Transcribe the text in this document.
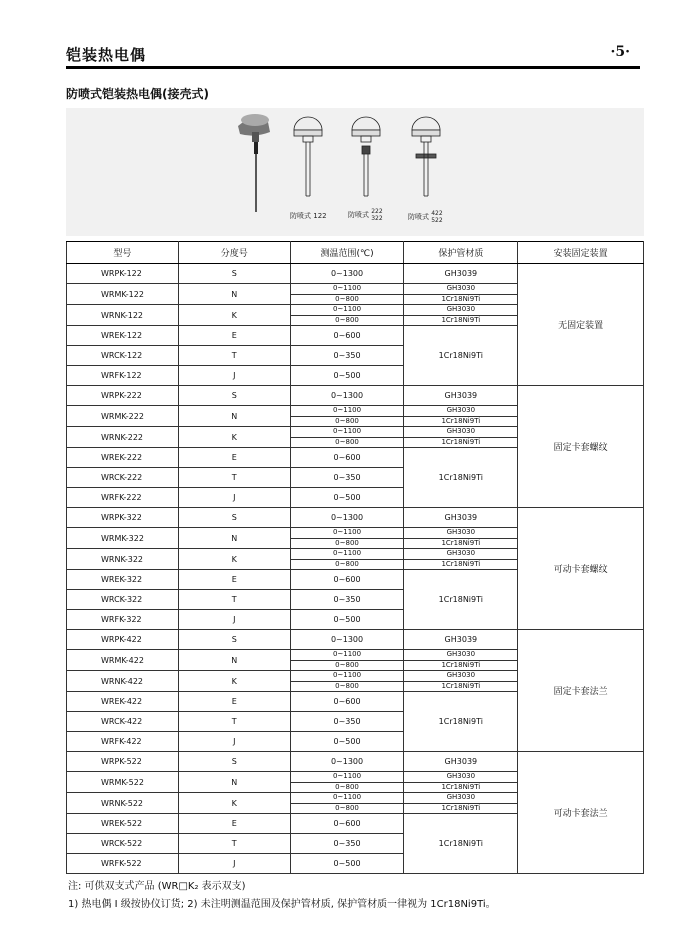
铠装热电偶	·5·
防喷式铠装热电偶(接壳式)
防喷式 122	防喷式 222
322	防喷式 422
522
型号	分度号	测温范围(℃)	保护管材质	安装固定装置
WRPK-122	S	0~1300	GH3039	无固定装置
WRMK-122	N	0~1100	GH3030	
		0~800	1Cr18Ni9Ti	
WRNK-122	K	0~1100	GH3030	
		0~800	1Cr18Ni9Ti	
WREK-122	E	0~600	1Cr18Ni9Ti	
WRCK-122	T	0~350		
WRFK-122	J	0~500		
WRPK-222	S	0~1300	GH3039	固定卡套螺纹
WRMK-222	N	0~1100	GH3030	
		0~800	1Cr18Ni9Ti	
WRNK-222	K	0~1100	GH3030	
		0~800	1Cr18Ni9Ti	
WREK-222	E	0~600	1Cr18Ni9Ti	
WRCK-222	T	0~350		
WRFK-222	J	0~500		
WRPK-322	S	0~1300	GH3039	可动卡套螺纹
WRMK-322	N	0~1100	GH3030	
		0~800	1Cr18Ni9Ti	
WRNK-322	K	0~1100	GH3030	
		0~800	1Cr18Ni9Ti	
WREK-322	E	0~600	1Cr18Ni9Ti	
WRCK-322	T	0~350		
WRFK-322	J	0~500		
WRPK-422	S	0~1300	GH3039	固定卡套法兰
WRMK-422	N	0~1100	GH3030	
		0~800	1Cr18Ni9Ti	
WRNK-422	K	0~1100	GH3030	
		0~800	1Cr18Ni9Ti	
WREK-422	E	0~600	1Cr18Ni9Ti	
WRCK-422	T	0~350		
WRFK-422	J	0~500		
WRPK-522	S	0~1300	GH3039	可动卡套法兰
WRMK-522	N	0~1100	GH3030	
		0~800	1Cr18Ni9Ti	
WRNK-522	K	0~1100	GH3030	
		0~800	1Cr18Ni9Ti	
WREK-522	E	0~600	1Cr18Ni9Ti	
WRCK-522	T	0~350		
WRFK-522	J	0~500		
注: 可供双支式产品 (WR□K₂ 表示双支)
1) 热电偶 I 级按协仪订货; 2) 未注明测温范围及保护管材质, 保护管材质一律视为 1Cr18Ni9Ti。
